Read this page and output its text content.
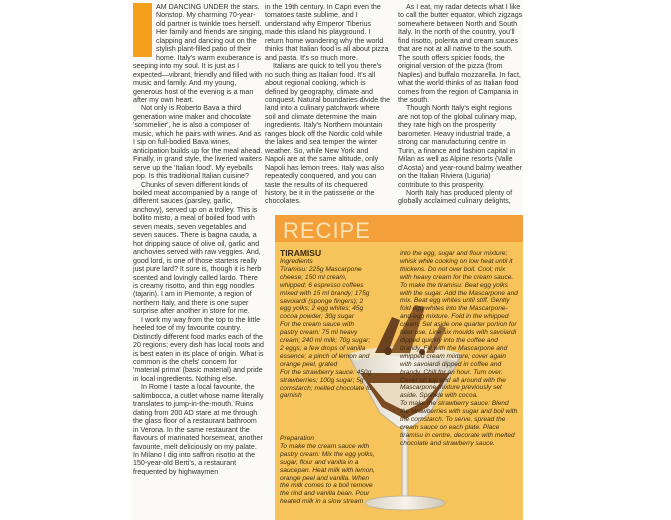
AM DANCING UNDER the stars. Nonstop. My charming 70-year-old partner is twinkle toes herself. Her family and friends are singing, clapping and dancing out on the stylish plant-filled patio of their home. Italy's warm exuberance is seeping into my soul. It is just as I expected—vibrant, friendly and filled with music and family. And my young, generous host of the evening is a man after my own heart.

Not only is Roberto Bava a third generation wine maker and chocolate 'sommelier', he is also a composer of music, which he pairs with wines. And as I sip on full-bodied Bava wines, anticipation builds up for the meal ahead. Finally, in grand style, the liveried waiters serve up the 'Italian food'. My eyeballs pop. Is this traditional Italian cuisine?

Chunks of seven different kinds of boiled meat accompanied by a range of different sauces (parsley, garlic, anchovy), served up on a trolley. This is bollito misto, a meal of boiled food with seven meats, seven vegetables and seven sauces. There is bagna cauda, a hot dripping sauce of olive oil, garlic and anchovies served with raw veggies. And, good lord, is one of those starters really just pure lard? It sure is, though it is herb scented and lovingly called lardo. There is creamy risotto, and thin egg noodles (tajarin). I am in Piemonte, a region of northern Italy, and there is one super surprise after another in store for me.

I work my way from the top to the little heeled toe of my favourite country. Distinctly different food marks each of the 20 regions; every dish has local roots and is best eaten in its place of origin. What is common is the chefs' concern for 'material prima' (basic material) and pride in local ingredients. Nothing else.

In Rome I taste a local favourite, the saltimbocca, a cutlet whose name literally translates to jump-in-the-mouth. Ruins dating from 200 AD stare at me through the glass floor of a restaurant bathroom in Verona. In the same restaurant the flavours of marinated horsemeat, another favourite, melt deliciously on my palate. In Milano I dig into saffron risotto at the 150-year-old Berti's, a restaurant frequented by highwaymen

in the 19th century. In Capri even the tomatoes taste sublime, and I understand why Emperor Tiberius made this island his playground. I return home wondering why the world thinks that Italian food is all about pizza and pasta. It's so much more.

Italians are quick to tell you there's no such thing as Italian food. It's all about regional cooking, which is defined by geography, climate and conquest. Natural boundaries divide the land into a culinary patchwork where soil and climate determine the main ingredients. Italy's Northern mountain ranges block off the Nordic cold while the lakes and sea temper the winter weather. So, while New York and Napoli are at the same altitude, only Napoli has lemon trees. Italy was also repeatedly conquered, and you can taste the results of its chequered history, be it in the patisserie or the chocolates.

As I eat, my radar detects what I like to call the butter equator, which zigzags somewhere between North and South Italy. In the north of the country, you'll find risotto, polenta and cream sauces that are not at all native to the south. The south offers spicier foods, the original version of the pizza (from Naples) and buffalo mozzarella. In fact, what the world thinks of as Italian food comes from the region of Campania in the south.

Though North Italy's eight regions are not top of the global culinary map, they rate high on the prosperity barometer. Heavy industrial trade, a strong car manufacturing centre in Turin, a finance and fashion capital in Milan as well as Alpine resorts (Valle d'Aosta) and year-round balmy weather on the Italian Riviera (Liguria) contribute to this prosperity.

North Italy has produced plenty of globally acclaimed culinary delights,

RECIPE
TIRAMISU

Ingredients

Tiramisu: 225g Mascarpone cheese; 150 ml cream, whipped; 6 espresso coffees mixed with 15 ml brandy; 175g savoiardi (sponge fingers); 2 egg yolks; 2 egg whites; 45g cocoa powder; 30g sugar

For the cream sauce with pastry cream: 75 ml heavy cream; 240 ml milk; 70g sugar; 2 eggs; a few drops of vanilla essence; a pinch of lemon and orange peel, grated

For the strawberry sauce: 450g strawberries; 100g sugar; 5g cornstarch; melted chocolate to garnish

Preparation

To make the cream sauce with pastry cream: Mix the egg yolks, sugar, flour and vanilla in a saucepan. Heat milk with lemon, orange peel and vanilla. When the milk comes to a boil remove the rind and vanilla bean. Pour heated milk in a slow stream

into the egg, sugar and flour mixture; whisk while cooking on low heat until it thickens. Do not over boil. Cool; mix with heavy cream for the cream sauce.

To make the tiramisu: Beat egg yolks with the sugar. Add the Mascarpone and mix. Beat egg whites until stiff. Gently fold egg whites into the Mascarpone-and-egg mixture. Fold in the whipped cream. Set aside one quarter portion for later use. Line six moulds with savoiardi dipped quickly into the coffee and brandy. Fill with the Mascarpone and whipped cream mixture; cover again with savoiardi dipped in coffee and brandy. Chill for an hour. Turn over. Cover on top and all around with the Mascarpone mixture previously set aside. Sprinkle with cocoa.

To make the strawberry sauce: Blend the strawberries with sugar and boil with the cornstarch. To serve, spread the cream sauce on each plate. Place tiramisu in centre, decorate with melted chocolate and strawberry sauce.
